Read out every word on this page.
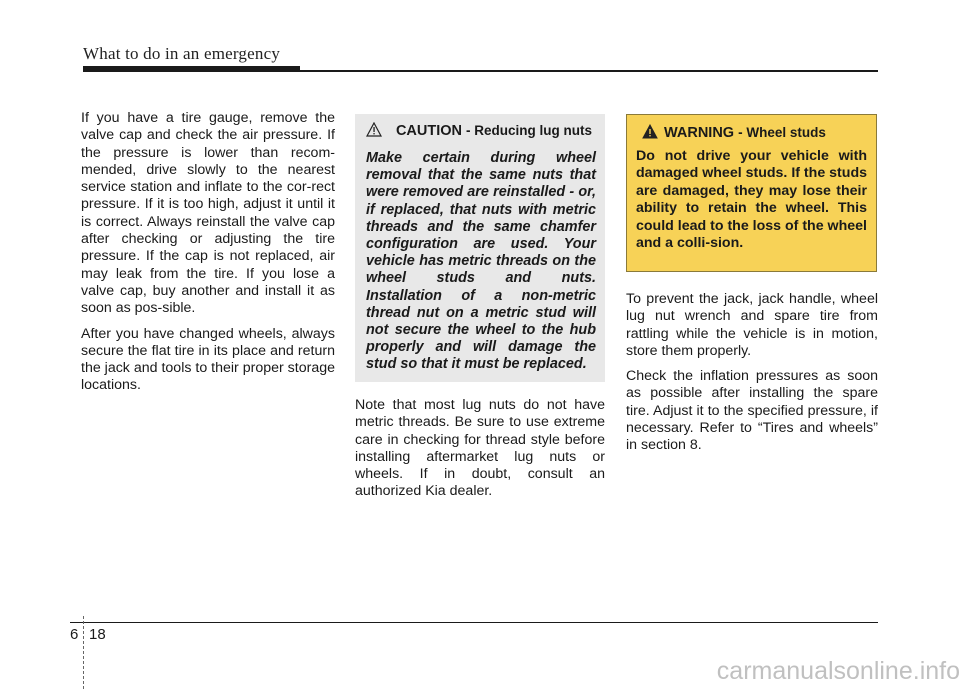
What to do in an emergency

If you have a tire gauge, remove the valve cap and check the air pressure. If the pressure is lower than recom-mended, drive slowly to the nearest service station and inflate to the cor-rect pressure. If it is too high, adjust it until it is correct. Always reinstall the valve cap after checking or adjusting the tire pressure. If the cap is not replaced, air may leak from the tire. If you lose a valve cap, buy another and install it as soon as pos-sible.

After you have changed wheels, always secure the flat tire in its place and return the jack and tools to their proper storage locations.

CAUTION - Reducing lug nuts
Make certain during wheel removal that the same nuts that were removed are reinstalled - or, if replaced, that nuts with metric threads and the same chamfer configuration are used. Your vehicle has metric threads on the wheel studs and nuts. Installation of a non-metric thread nut on a metric stud will not secure the wheel to the hub properly and will damage the stud so that it must be replaced.

Note that most lug nuts do not have metric threads. Be sure to use extreme care in checking for thread style before installing aftermarket lug nuts or wheels. If in doubt, consult an authorized Kia dealer.

WARNING - Wheel studs
Do not drive your vehicle with damaged wheel studs. If the studs are damaged, they may lose their ability to retain the wheel. This could lead to the loss of the wheel and a colli-sion.

To prevent the jack, jack handle, wheel lug nut wrench and spare tire from rattling while the vehicle is in motion, store them properly.

Check the inflation pressures as soon as possible after installing the spare tire. Adjust it to the specified pressure, if necessary. Refer to “Tires and wheels” in section 8.

6 18
carmanualsonline.info
